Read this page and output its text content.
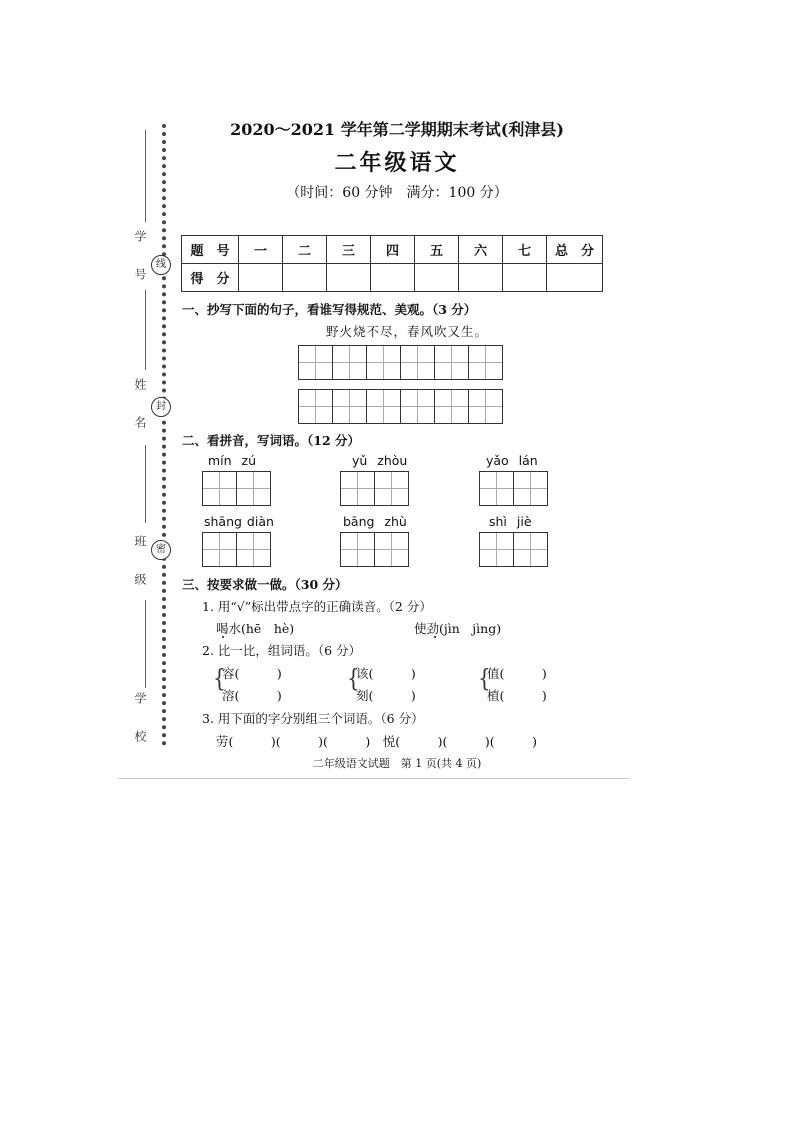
线
封
密
学号
姓名
班级
学校
2020～2021 学年第二学期期末考试(利津县)
二年级语文
（时间：60 分钟　满分：100 分）
题　号	一	二	三	四	五	六	七	总　分
得　分								
一、抄写下面的句子，看谁写得规范、美观。（3 分）
野火烧不尽，春风吹又生。
二、看拼音，写词语。（12 分）
mín zú	yǔ zhòu	yǎo lán
shāng diàn	bāng zhù	shì jiè
三、按要求做一做。（30 分）
1. 用“√”标出带点字的正确读音。（2 分）
喝水(hē　hè)	使劲(jìn　jìng)
2. 比一比，组词语。（6 分）
{
容(　　　)
溶(　　　)
{
该(　　　)
刻(　　　)
{
值(　　　)
植(　　　)
3. 用下面的字分别组三个词语。（6 分）
劳(　　　)(　　　)(　　　)　悦(　　　)(　　　)(　　　)
二年级语文试题　第 1 页(共 4 页)
